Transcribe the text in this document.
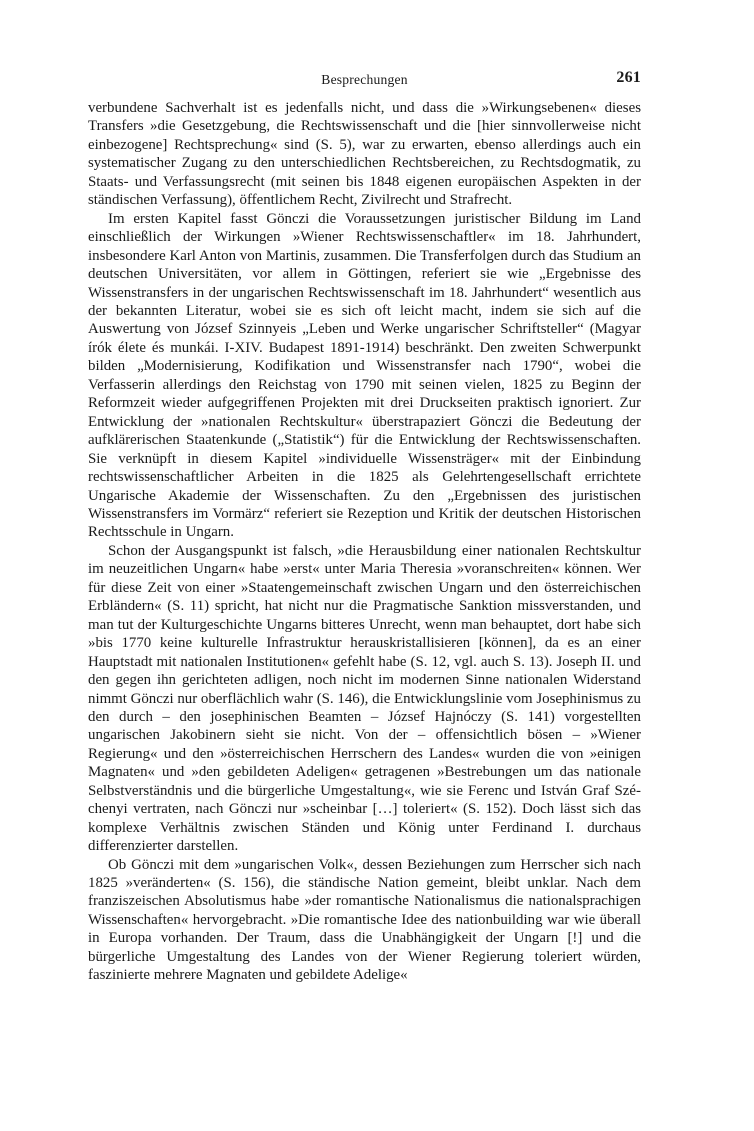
Besprechungen	261

verbundene Sachverhalt ist es jedenfalls nicht, und dass die »Wirkungsebenen« dieses Transfers »die Gesetzgebung, die Rechtswissenschaft und die [hier sinnvollerweise nicht einbezogene] Rechtsprechung« sind (S. 5), war zu erwarten, ebenso allerdings auch ein systematischer Zugang zu den unterschiedlichen Rechtsbereichen, zu Rechtsdogmatik, zu Staats- und Verfassungsrecht (mit seinen bis 1848 eigenen europäischen Aspekten in der ständischen Verfassung), öffentlichem Recht, Zivilrecht und Strafrecht.

Im ersten Kapitel fasst Gönczi die Voraussetzungen juristischer Bildung im Land einschließlich der Wirkungen »Wiener Rechtswissenschaftler« im 18. Jahrhundert, insbesondere Karl Anton von Martinis, zusammen. Die Transferfolgen durch das Studium an deutschen Universitäten, vor allem in Göttingen, referiert sie wie „Ergebnisse des Wissenstransfers in der ungarischen Rechtswissenschaft im 18. Jahrhundert“ wesentlich aus der bekannten Literatur, wobei sie es sich oft leicht macht, indem sie sich auf die Auswertung von József Szinnyeis „Leben und Werke ungarischer Schriftsteller“ (Magyar írók élete és munkái. I-XIV. Budapest 1891-1914) beschränkt. Den zweiten Schwerpunkt bilden „Modernisierung, Kodifikation und Wissenstransfer nach 1790“, wobei die Verfasserin allerdings den Reichstag von 1790 mit seinen vielen, 1825 zu Beginn der Reformzeit wieder aufgegriffenen Projekten mit drei Druckseiten praktisch ignoriert. Zur Entwicklung der »nationalen Rechtskultur« überstrapaziert Gönczi die Bedeutung der aufklärerischen Staatenkunde („Statistik“) für die Entwicklung der Rechtswissenschaften. Sie verknüpft in diesem Kapitel »individuelle Wissensträger« mit der Einbindung rechtswissenschaftlicher Arbeiten in die 1825 als Gelehrtengesellschaft errichtete Ungarische Akademie der Wissenschaften. Zu den „Ergebnissen des juristischen Wissenstransfers im Vormärz“ referiert sie Rezeption und Kritik der deutschen Historischen Rechtsschule in Ungarn.

Schon der Ausgangspunkt ist falsch, »die Herausbildung einer nationalen Rechtskultur im neuzeitlichen Ungarn« habe »erst« unter Maria Theresia »voranschreiten« können. Wer für diese Zeit von einer »Staatengemeinschaft zwischen Ungarn und den österreichischen Erbländern« (S. 11) spricht, hat nicht nur die Pragmatische Sanktion missverstanden, und man tut der Kulturgeschichte Ungarns bitteres Unrecht, wenn man behauptet, dort habe sich »bis 1770 keine kulturelle Infrastruktur herauskristallisieren [können], da es an einer Hauptstadt mit nationalen Institutionen« gefehlt habe (S. 12, vgl. auch S. 13). Joseph II. und den gegen ihn gerichteten adligen, noch nicht im modernen Sinne nationalen Widerstand nimmt Gönczi nur oberflächlich wahr (S. 146), die Entwicklungslinie vom Josephinismus zu den durch – den josephinischen Beamten – József Hajnóczy (S. 141) vorgestellten ungarischen Jakobinern sieht sie nicht. Von der – offensichtlich bösen – »Wiener Regierung« und den »österreichischen Herrschern des Landes« wurden die von »einigen Magnaten« und »den gebildeten Adeligen« getragenen »Bestrebungen um das nationale Selbstverständnis und die bürgerliche Umgestaltung«, wie sie Ferenc und István Graf Széchenyi vertraten, nach Gönczi nur »scheinbar […] toleriert« (S. 152). Doch lässt sich das komplexe Verhältnis zwischen Ständen und König unter Ferdinand I. durchaus differenzierter darstellen.

Ob Gönczi mit dem »ungarischen Volk«, dessen Beziehungen zum Herrscher sich nach 1825 »veränderten« (S. 156), die ständische Nation gemeint, bleibt unklar. Nach dem franziszeischen Absolutismus habe »der romantische Nationalismus die nationalsprachigen Wissenschaften« hervorgebracht. »Die romantische Idee des nationbuilding war wie überall in Europa vorhanden. Der Traum, dass die Unabhängigkeit der Ungarn [!] und die bürgerliche Umgestaltung des Landes von der Wiener Regierung toleriert würden, faszinierte mehrere Magnaten und gebildete Adelige«
